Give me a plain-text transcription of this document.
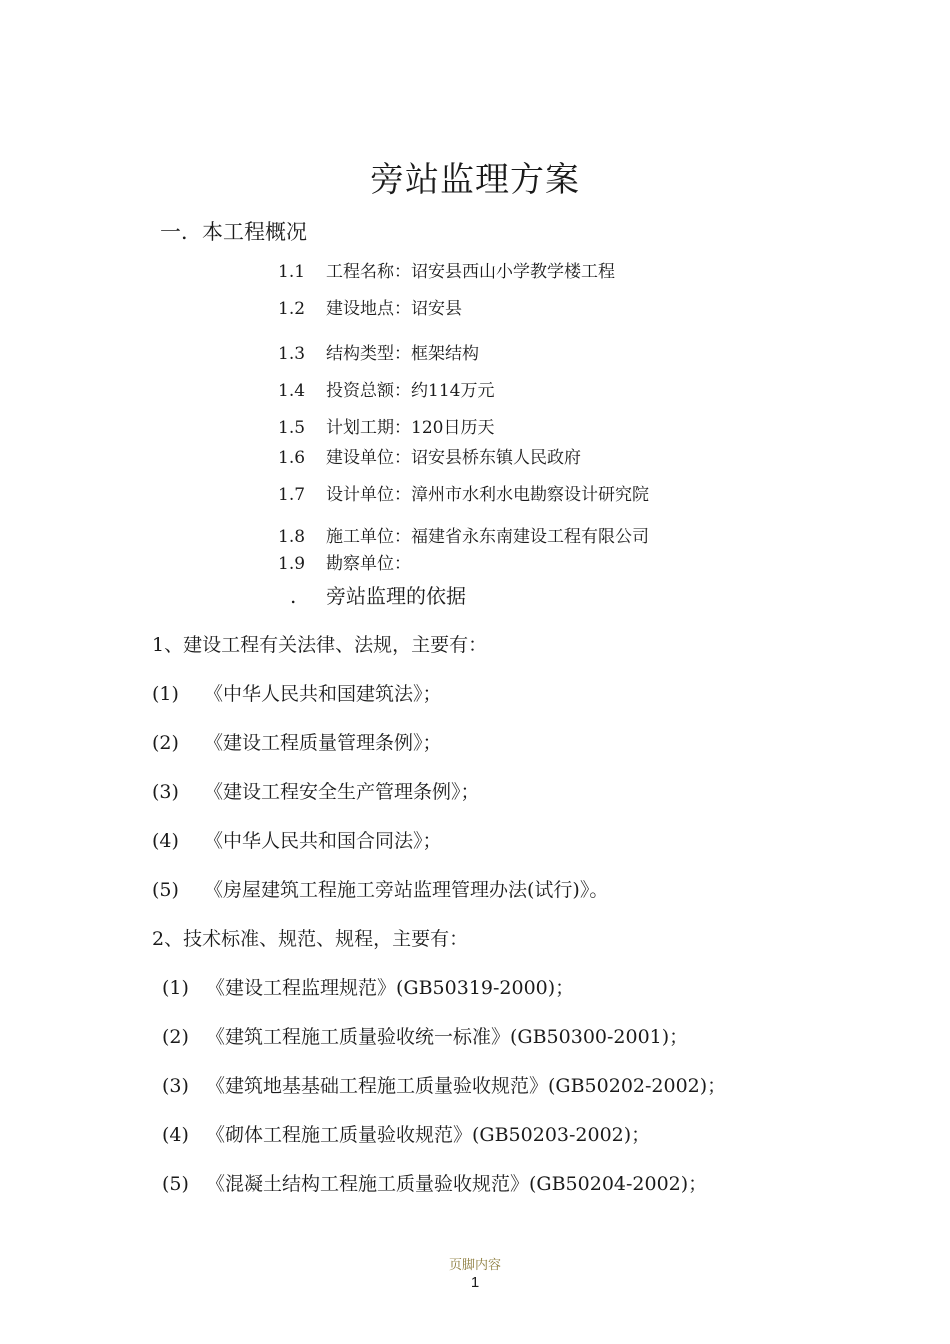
旁站监理方案
一．本工程概况
1.1 工程名称：诏安县西山小学教学楼工程
1.2 建设地点：诏安县
1.3 结构类型：框架结构
1.4 投资总额：约114万元
1.5 计划工期：120日历天
1.6 建设单位：诏安县桥东镇人民政府
1.7 设计单位：漳州市水利水电勘察设计研究院
1.8 施工单位：福建省永东南建设工程有限公司
1.9 勘察单位：
. 旁站监理的依据
1、建设工程有关法律、法规，主要有：
(1) 《中华人民共和国建筑法》；
(2) 《建设工程质量管理条例》；
(3) 《建设工程安全生产管理条例》；
(4) 《中华人民共和国合同法》；
(5) 《房屋建筑工程施工旁站监理管理办法(试行)》。
2、技术标准、规范、规程，主要有：
(1) 《建设工程监理规范》(GB50319-2000)；
(2) 《建筑工程施工质量验收统一标准》(GB50300-2001)；
(3) 《建筑地基基础工程施工质量验收规范》(GB50202-2002)；
(4) 《砌体工程施工质量验收规范》(GB50203-2002)；
(5) 《混凝土结构工程施工质量验收规范》(GB50204-2002)；
页脚内容
1
